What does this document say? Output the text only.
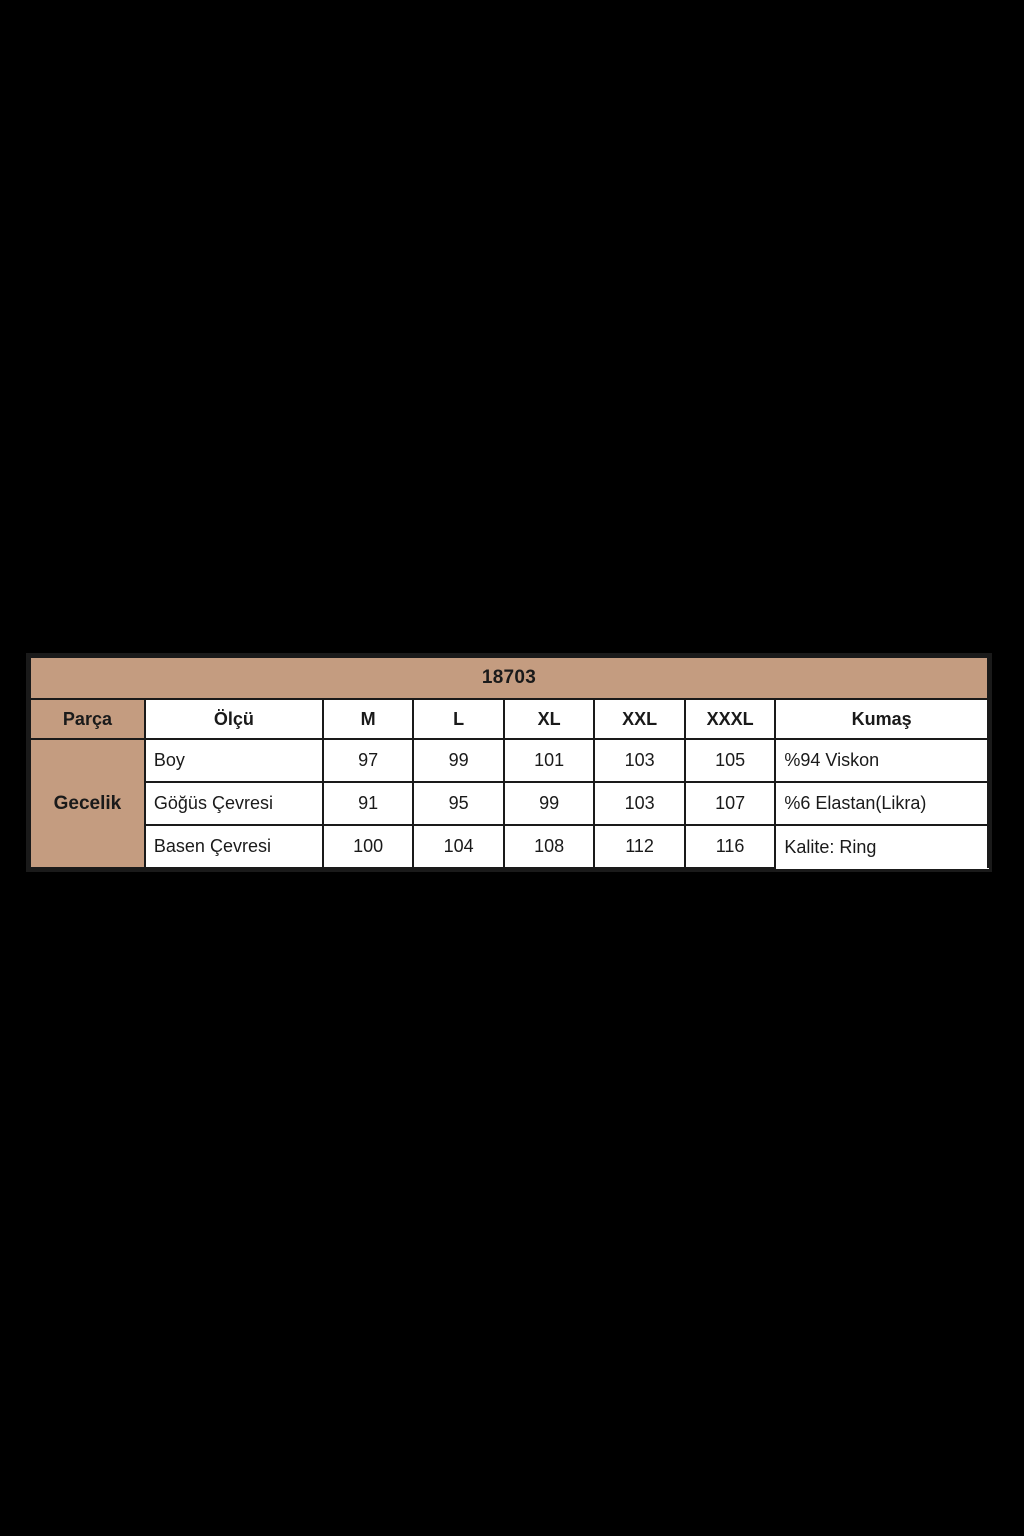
18703							
Parça	Ölçü	M	L	XL	XXL	XXXL	Kumaş
Gecelik	Boy	97	99	101	103	105	%94 Viskon
	Göğüs Çevresi	91	95	99	103	107	%6 Elastan(Likra)
	Basen Çevresi	100	104	108	112	116	Kalite: Ring
